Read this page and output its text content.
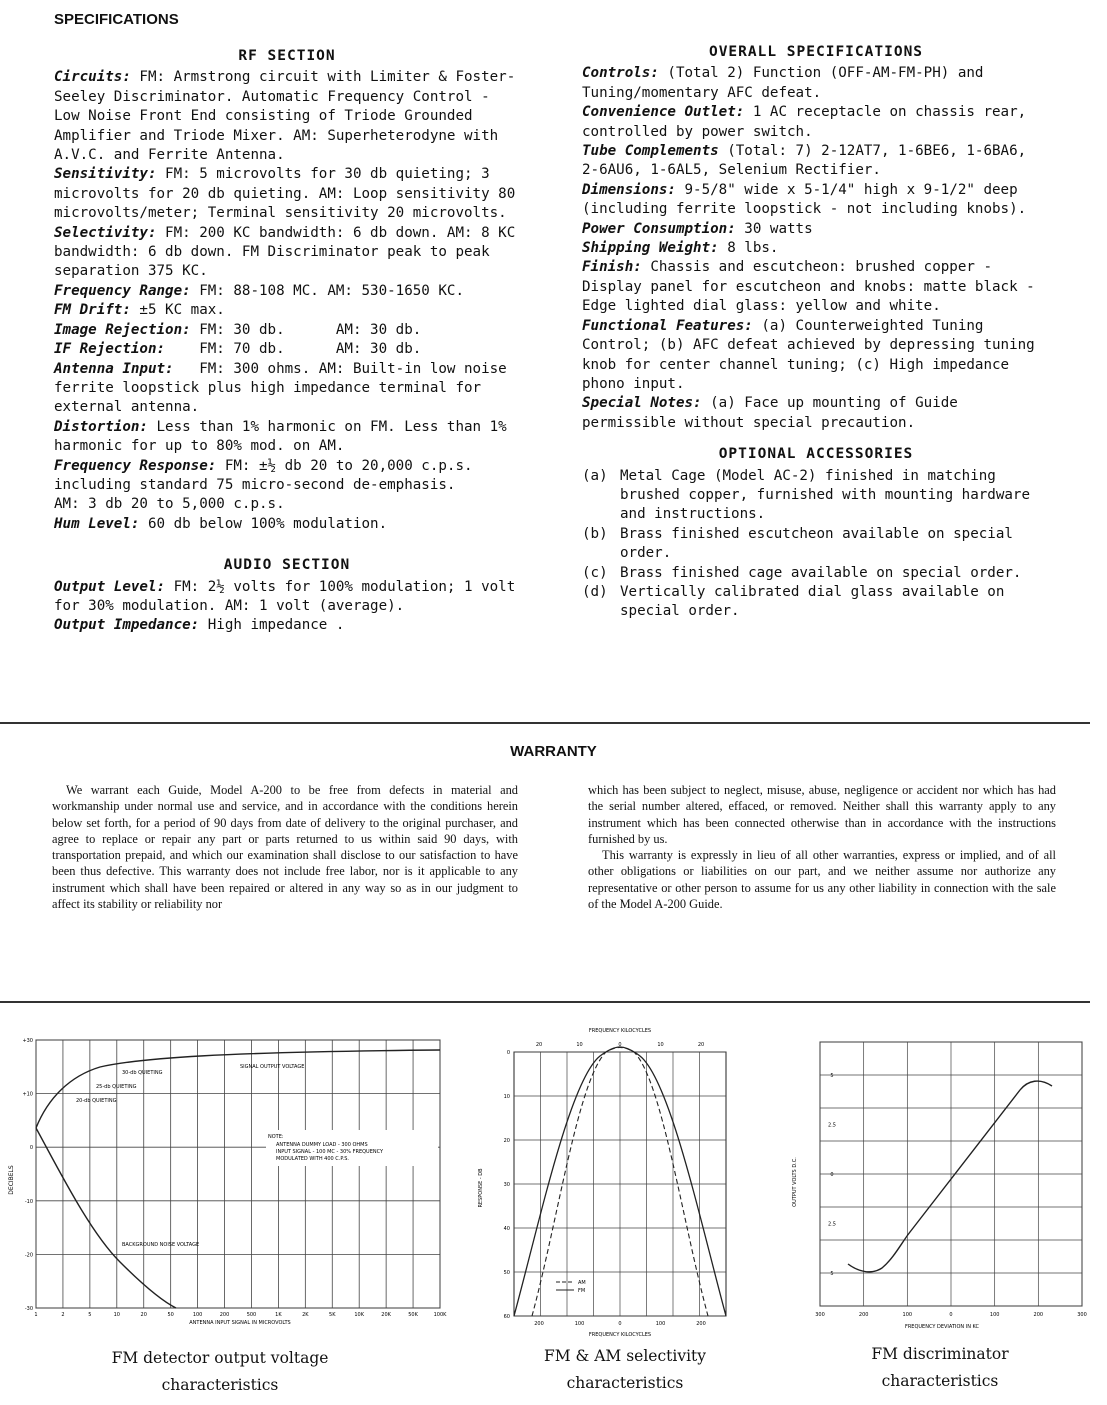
SPECIFICATIONS
RF SECTION

Circuits: FM: Armstrong circuit with Limiter & Foster-Seeley Discriminator. Automatic Frequency Control - Low Noise Front End consisting of Triode Grounded Amplifier and Triode Mixer. AM: Superheterodyne with A.V.C. and Ferrite Antenna.

Sensitivity: FM: 5 microvolts for 30 db quieting; 3 microvolts for 20 db quieting. AM: Loop sensitivity 80 microvolts/meter; Terminal sensitivity 20 microvolts.

Selectivity: FM: 200 KC bandwidth: 6 db down. AM: 8 KC bandwidth: 6 db down. FM Discriminator peak to peak separation 375 KC.

Frequency Range: FM: 88-108 MC. AM: 530-1650 KC.

FM Drift: ±5 KC max.

Image Rejection: FM: 30 db.      AM: 30 db.

IF Rejection:    FM: 70 db.      AM: 30 db.

Antenna Input:   FM: 300 ohms. AM: Built-in low noise ferrite loopstick plus high impedance terminal for external antenna.

Distortion: Less than 1% harmonic on FM. Less than 1% harmonic for up to 80% mod. on AM.

Frequency Response: FM: ±½ db 20 to 20,000 c.p.s. including standard 75 micro-second de-emphasis.

AM: 3 db 20 to 5,000 c.p.s.

Hum Level: 60 db below 100% modulation.

AUDIO SECTION

Output Level: FM: 2½ volts for 100% modulation; 1 volt for 30% modulation. AM: 1 volt (average).

Output Impedance: High impedance .

OVERALL SPECIFICATIONS

Controls: (Total 2) Function (OFF-AM-FM-PH) and Tuning/momentary AFC defeat.

Convenience Outlet: 1 AC receptacle on chassis rear, controlled by power switch.

Tube Complements (Total: 7) 2-12AT7, 1-6BE6, 1-6BA6, 2-6AU6, 1-6AL5, Selenium Rectifier.

Dimensions: 9-5/8" wide x 5-1/4" high x 9-1/2" deep (including ferrite loopstick - not including knobs).

Power Consumption: 30 watts

Shipping Weight: 8 lbs.

Finish: Chassis and escutcheon: brushed copper - Display panel for escutcheon and knobs: matte black - Edge lighted dial glass: yellow and white.

Functional Features: (a) Counterweighted Tuning Control; (b) AFC defeat achieved by depressing tuning knob for center channel tuning; (c) High impedance phono input.

Special Notes: (a) Face up mounting of Guide permissible without special precaution.

OPTIONAL ACCESSORIES
(a) Metal Cage (Model AC-2) finished in matching brushed copper, furnished with mounting hardware and instructions.
(b) Brass finished escutcheon available on special order.
(c) Brass finished cage available on special order.
(d) Vertically calibrated dial glass available on special order.
WARRANTY

We warrant each Guide, Model A-200 to be free from defects in material and workmanship under normal use and service, and in accordance with the conditions herein below set forth, for a period of 90 days from date of delivery to the original purchaser, and agree to replace or repair any part or parts returned to us within said 90 days, with transportation prepaid, and which our examination shall disclose to our satisfaction to have been thus defective. This warranty does not include free labor, nor is it applicable to any instrument which shall have been repaired or altered in any way so as in our judgment to affect its stability or reliability nor

which has been subject to neglect, misuse, abuse, negligence or accident nor which has had the serial number altered, effaced, or removed. Neither shall this warranty apply to any instrument which has been connected otherwise than in accordance with the instructions furnished by us.

This warranty is expressly in lieu of all other warranties, express or implied, and of all other obligations or liabilities on our part, and we neither assume nor authorize any representative or other person to assume for us any other liability in connection with the sale of the Model A-200 Guide.

DECIBELS
ANTENNA INPUT SIGNAL IN MICROVOLTS
+30
+10
0
-10
-20
-30
1	2	5	10	20	50	100	200	500	1K	2K	5K	10K	20K	50K	100K
30-db QUIETING
25-db QUIETING
20-db QUIETING
SIGNAL OUTPUT VOLTAGE
BACKGROUND NOISE VOLTAGE
NOTE:
ANTENNA DUMMY LOAD - 300 OHMS
INPUT SIGNAL - 100 MC - 30% FREQUENCY
MODULATED WITH 400 C.P.S.
FM detector output voltage
characteristics
FREQUENCY KILOCYCLES
20	10	0	10	20
FREQUENCY KILOCYCLES
200	100	0	100	200
RESPONSE - DB
0
10
20
30
40
50
60
AM
FM
FM & AM selectivity
characteristics
OUTPUT VOLTS D.C.
5
2.5
0
2.5
5
300	200	100	0	100	200	300
FREQUENCY DEVIATION IN KC
FM discriminator
characteristics
